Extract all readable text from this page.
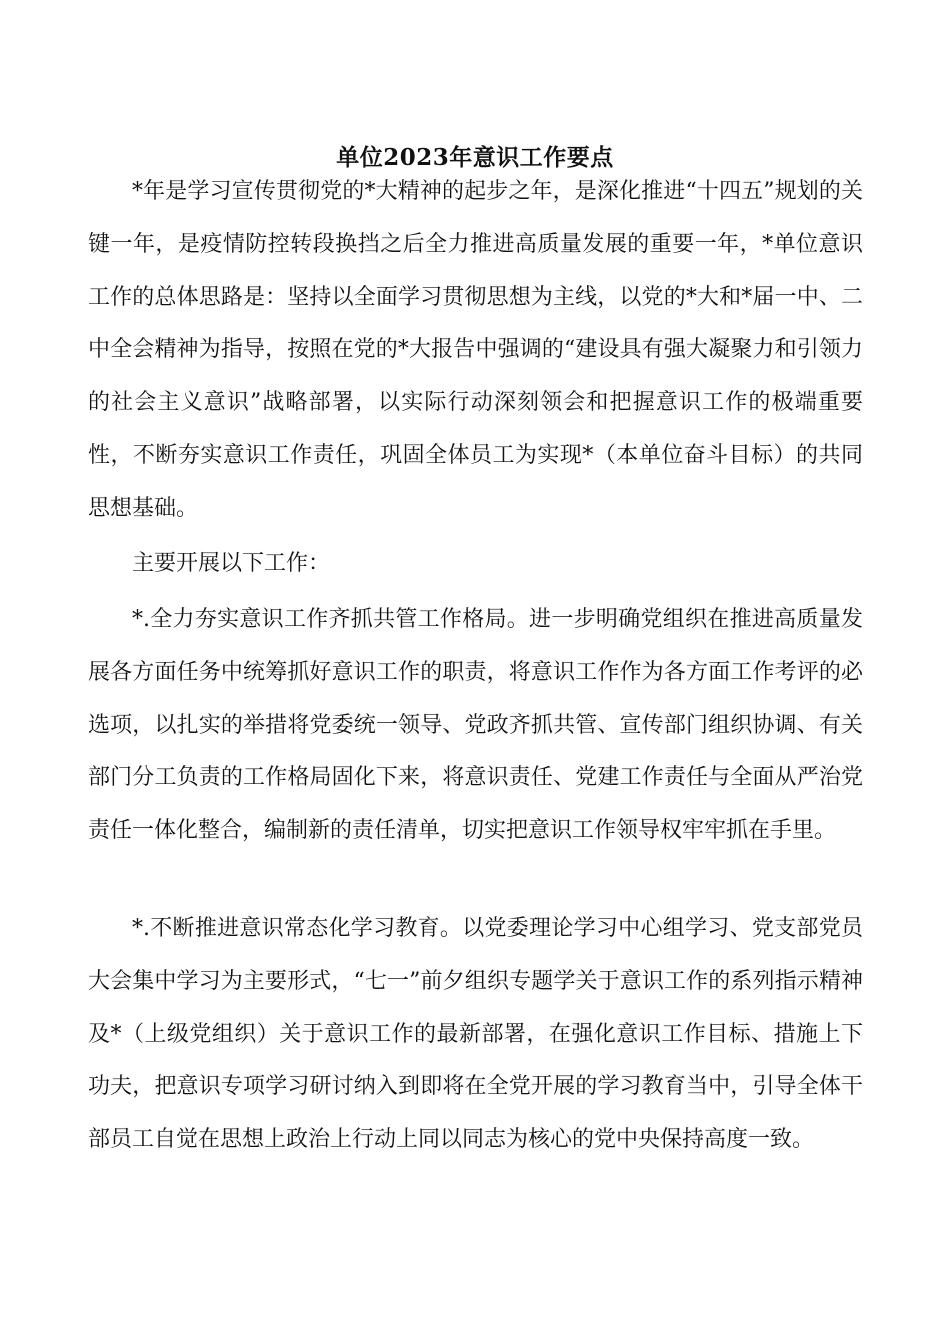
单位2023年意识工作要点

*年是学习宣传贯彻党的*大精神的起步之年，是深化推进“十四五”规划的关键一年，是疫情防控转段换挡之后全力推进高质量发展的重要一年，*单位意识工作的总体思路是：坚持以全面学习贯彻思想为主线，以党的*大和*届一中、二中全会精神为指导，按照在党的*大报告中强调的“建设具有强大凝聚力和引领力的社会主义意识”战略部署，以实际行动深刻领会和把握意识工作的极端重要性，不断夯实意识工作责任，巩固全体员工为实现*（本单位奋斗目标）的共同思想基础。

主要开展以下工作：

*.全力夯实意识工作齐抓共管工作格局。进一步明确党组织在推进高质量发展各方面任务中统筹抓好意识工作的职责，将意识工作作为各方面工作考评的必选项，以扎实的举措将党委统一领导、党政齐抓共管、宣传部门组织协调、有关部门分工负责的工作格局固化下来，将意识责任、党建工作责任与全面从严治党责任一体化整合，编制新的责任清单，切实把意识工作领导权牢牢抓在手里。

*.不断推进意识常态化学习教育。以党委理论学习中心组学习、党支部党员大会集中学习为主要形式，“七一”前夕组织专题学关于意识工作的系列指示精神及*（上级党组织）关于意识工作的最新部署，在强化意识工作目标、措施上下功夫，把意识专项学习研讨纳入到即将在全党开展的学习教育当中，引导全体干部员工自觉在思想上政治上行动上同以同志为核心的党中央保持高度一致。
